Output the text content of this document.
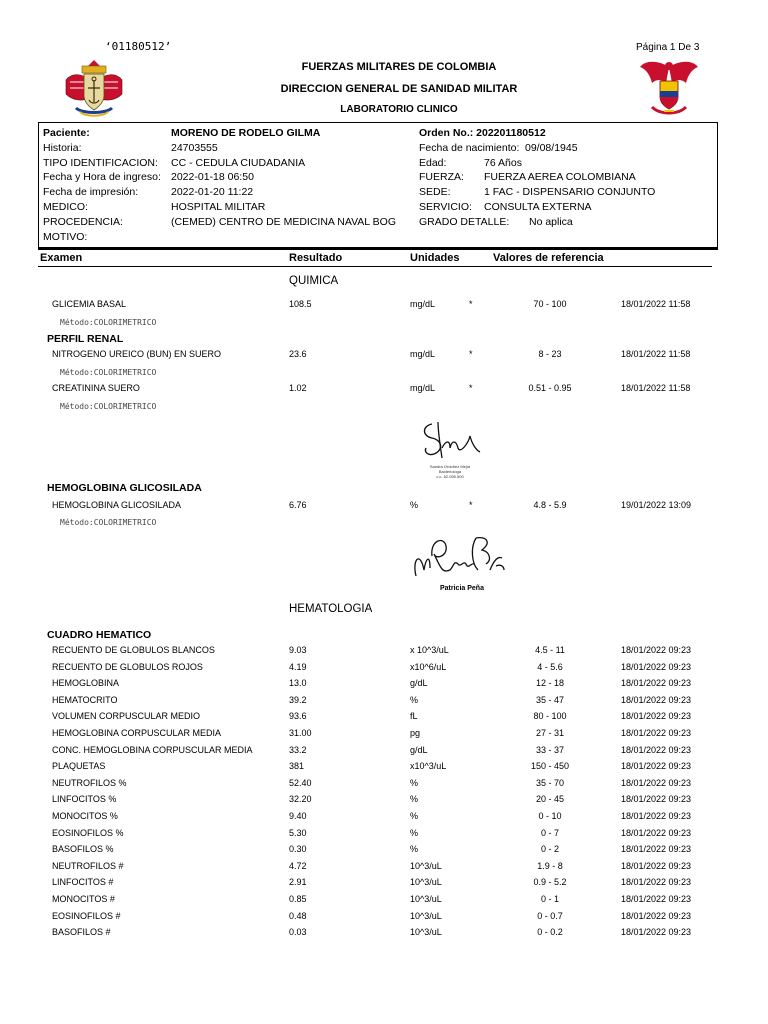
‘01180512’	Página 1 De 3
FUERZAS MILITARES DE COLOMBIA
DIRECCION GENERAL DE SANIDAD MILITAR
LABORATORIO CLINICO
Paciente:	MORENO DE RODELO GILMA
Historia:	24703555
TIPO IDENTIFICACION: CC - CEDULA CIUDADANIA
Fecha y Hora de ingreso: 2022-01-18 06:50
Fecha de impresión:	2022-01-20 11:22
MEDICO:	HOSPITAL MILITAR
PROCEDENCIA:	(CEMED) CENTRO DE MEDICINA NAVAL BOG
MOTIVO:
Orden No.: 202201180512
Fecha de nacimiento: 09/08/1945
Edad:	76 Años
FUERZA: FUERZA AEREA COLOMBIANA
SEDE:	1 FAC - DISPENSARIO CONJUNTO
SERVICIO: CONSULTA EXTERNA
GRADO DETALLE: No aplica
Examen	Resultado	Unidades	Valores de referencia
QUIMICA
GLICEMIA BASAL	108.5	mg/dL	*	70 - 100	18/01/2022 11:58
Método:COLORIMETRICO
PERFIL RENAL
NITROGENO UREICO (BUN) EN SUERO	23.6	mg/dL	*	8 - 23	18/01/2022 11:58
Método:COLORIMETRICO
CREATININA SUERO	1.02	mg/dL	*	0.51 - 0.95	18/01/2022 11:58
Método:COLORIMETRICO
Sandra Ordoñez Mejía
Bacteriologa
c.c. 52.095.500
HEMOGLOBINA GLICOSILADA
HEMOGLOBINA GLICOSILADA	6.76	%	*	4.8 - 5.9	19/01/2022 13:09
Método:COLORIMETRICO
Patricia Peña
HEMATOLOGIA
CUADRO HEMATICO
RECUENTO DE GLOBULOS BLANCOS	9.03	x 10^3/uL	4.5 - 11	18/01/2022 09:23
RECUENTO DE GLOBULOS ROJOS	4.19	x10^6/uL	4 - 5.6	18/01/2022 09:23
HEMOGLOBINA	13.0	g/dL	12 - 18	18/01/2022 09:23
HEMATOCRITO	39.2	%	35 - 47	18/01/2022 09:23
VOLUMEN CORPUSCULAR MEDIO	93.6	fL	80 - 100	18/01/2022 09:23
HEMOGLOBINA CORPUSCULAR MEDIA	31.00	pg	27 - 31	18/01/2022 09:23
CONC. HEMOGLOBINA CORPUSCULAR MEDIA	33.2	g/dL	33 - 37	18/01/2022 09:23
PLAQUETAS	381	x10^3/uL	150 - 450	18/01/2022 09:23
NEUTROFILOS %	52.40	%	35 - 70	18/01/2022 09:23
LINFOCITOS %	32.20	%	20 - 45	18/01/2022 09:23
MONOCITOS %	9.40	%	0 - 10	18/01/2022 09:23
EOSINOFILOS %	5.30	%	0 - 7	18/01/2022 09:23
BASOFILOS %	0.30	%	0 - 2	18/01/2022 09:23
NEUTROFILOS #	4.72	10^3/uL	1.9 - 8	18/01/2022 09:23
LINFOCITOS #	2.91	10^3/uL	0.9 - 5.2	18/01/2022 09:23
MONOCITOS #	0.85	10^3/uL	0 - 1	18/01/2022 09:23
EOSINOFILOS #	0.48	10^3/uL	0 - 0.7	18/01/2022 09:23
BASOFILOS #	0.03	10^3/uL	0 - 0.2	18/01/2022 09:23
